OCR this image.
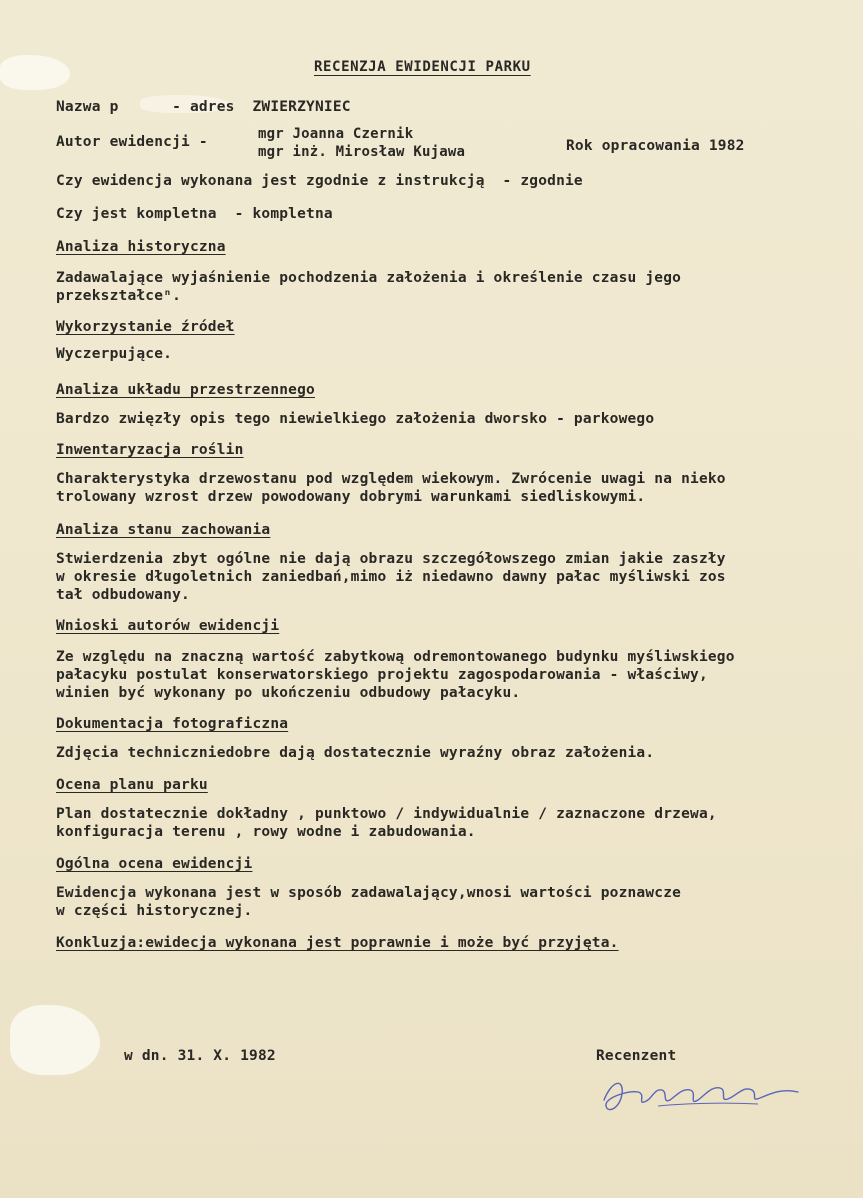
RECENZJA EWIDENCJI PARKU
Nazwa p      - adres  ZWIERZYNIEC
Autor ewidencji -	mgr Joanna Czernik
mgr inż. Mirosław Kujawa	Rok opracowania 1982
Czy ewidencja wykonana jest zgodnie z instrukcją  - zgodnie
Czy jest kompletna  - kompletna
Analiza historyczna
Zadawalające wyjaśnienie pochodzenia założenia i określenie czasu jego
przekształceⁿ.
Wykorzystanie źródeł
Wyczerpujące.
Analiza układu przestrzennego
Bardzo zwięzły opis tego niewielkiego założenia dworsko - parkowego
Inwentaryzacja roślin
Charakterystyka drzewostanu pod względem wiekowym. Zwrócenie uwagi na nieko
trolowany wzrost drzew powodowany dobrymi warunkami siedliskowymi.
Analiza stanu zachowania
Stwierdzenia zbyt ogólne nie dają obrazu szczegółowszego zmian jakie zaszły
w okresie długoletnich zaniedbań,mimo iż niedawno dawny pałac myśliwski zos
tał odbudowany.
Wnioski autorów ewidencji
Ze względu na znaczną wartość zabytkową odremontowanego budynku myśliwskiego
pałacyku postulat konserwatorskiego projektu zagospodarowania - właściwy,
winien być wykonany po ukończeniu odbudowy pałacyku.
Dokumentacja fotograficzna
Zdjęcia techniczniedobre dają dostatecznie wyraźny obraz założenia.
Ocena planu parku
Plan dostatecznie dokładny , punktowo / indywidualnie / zaznaczone drzewa,
konfiguracja terenu , rowy wodne i zabudowania.
Ogólna ocena ewidencji
Ewidencja wykonana jest w sposób zadawalający,wnosi wartości poznawcze
w części historycznej.
Konkluzja:ewidecja wykonana jest poprawnie i może być przyjęta.
w dn. 31. X. 1982	Recenzent
